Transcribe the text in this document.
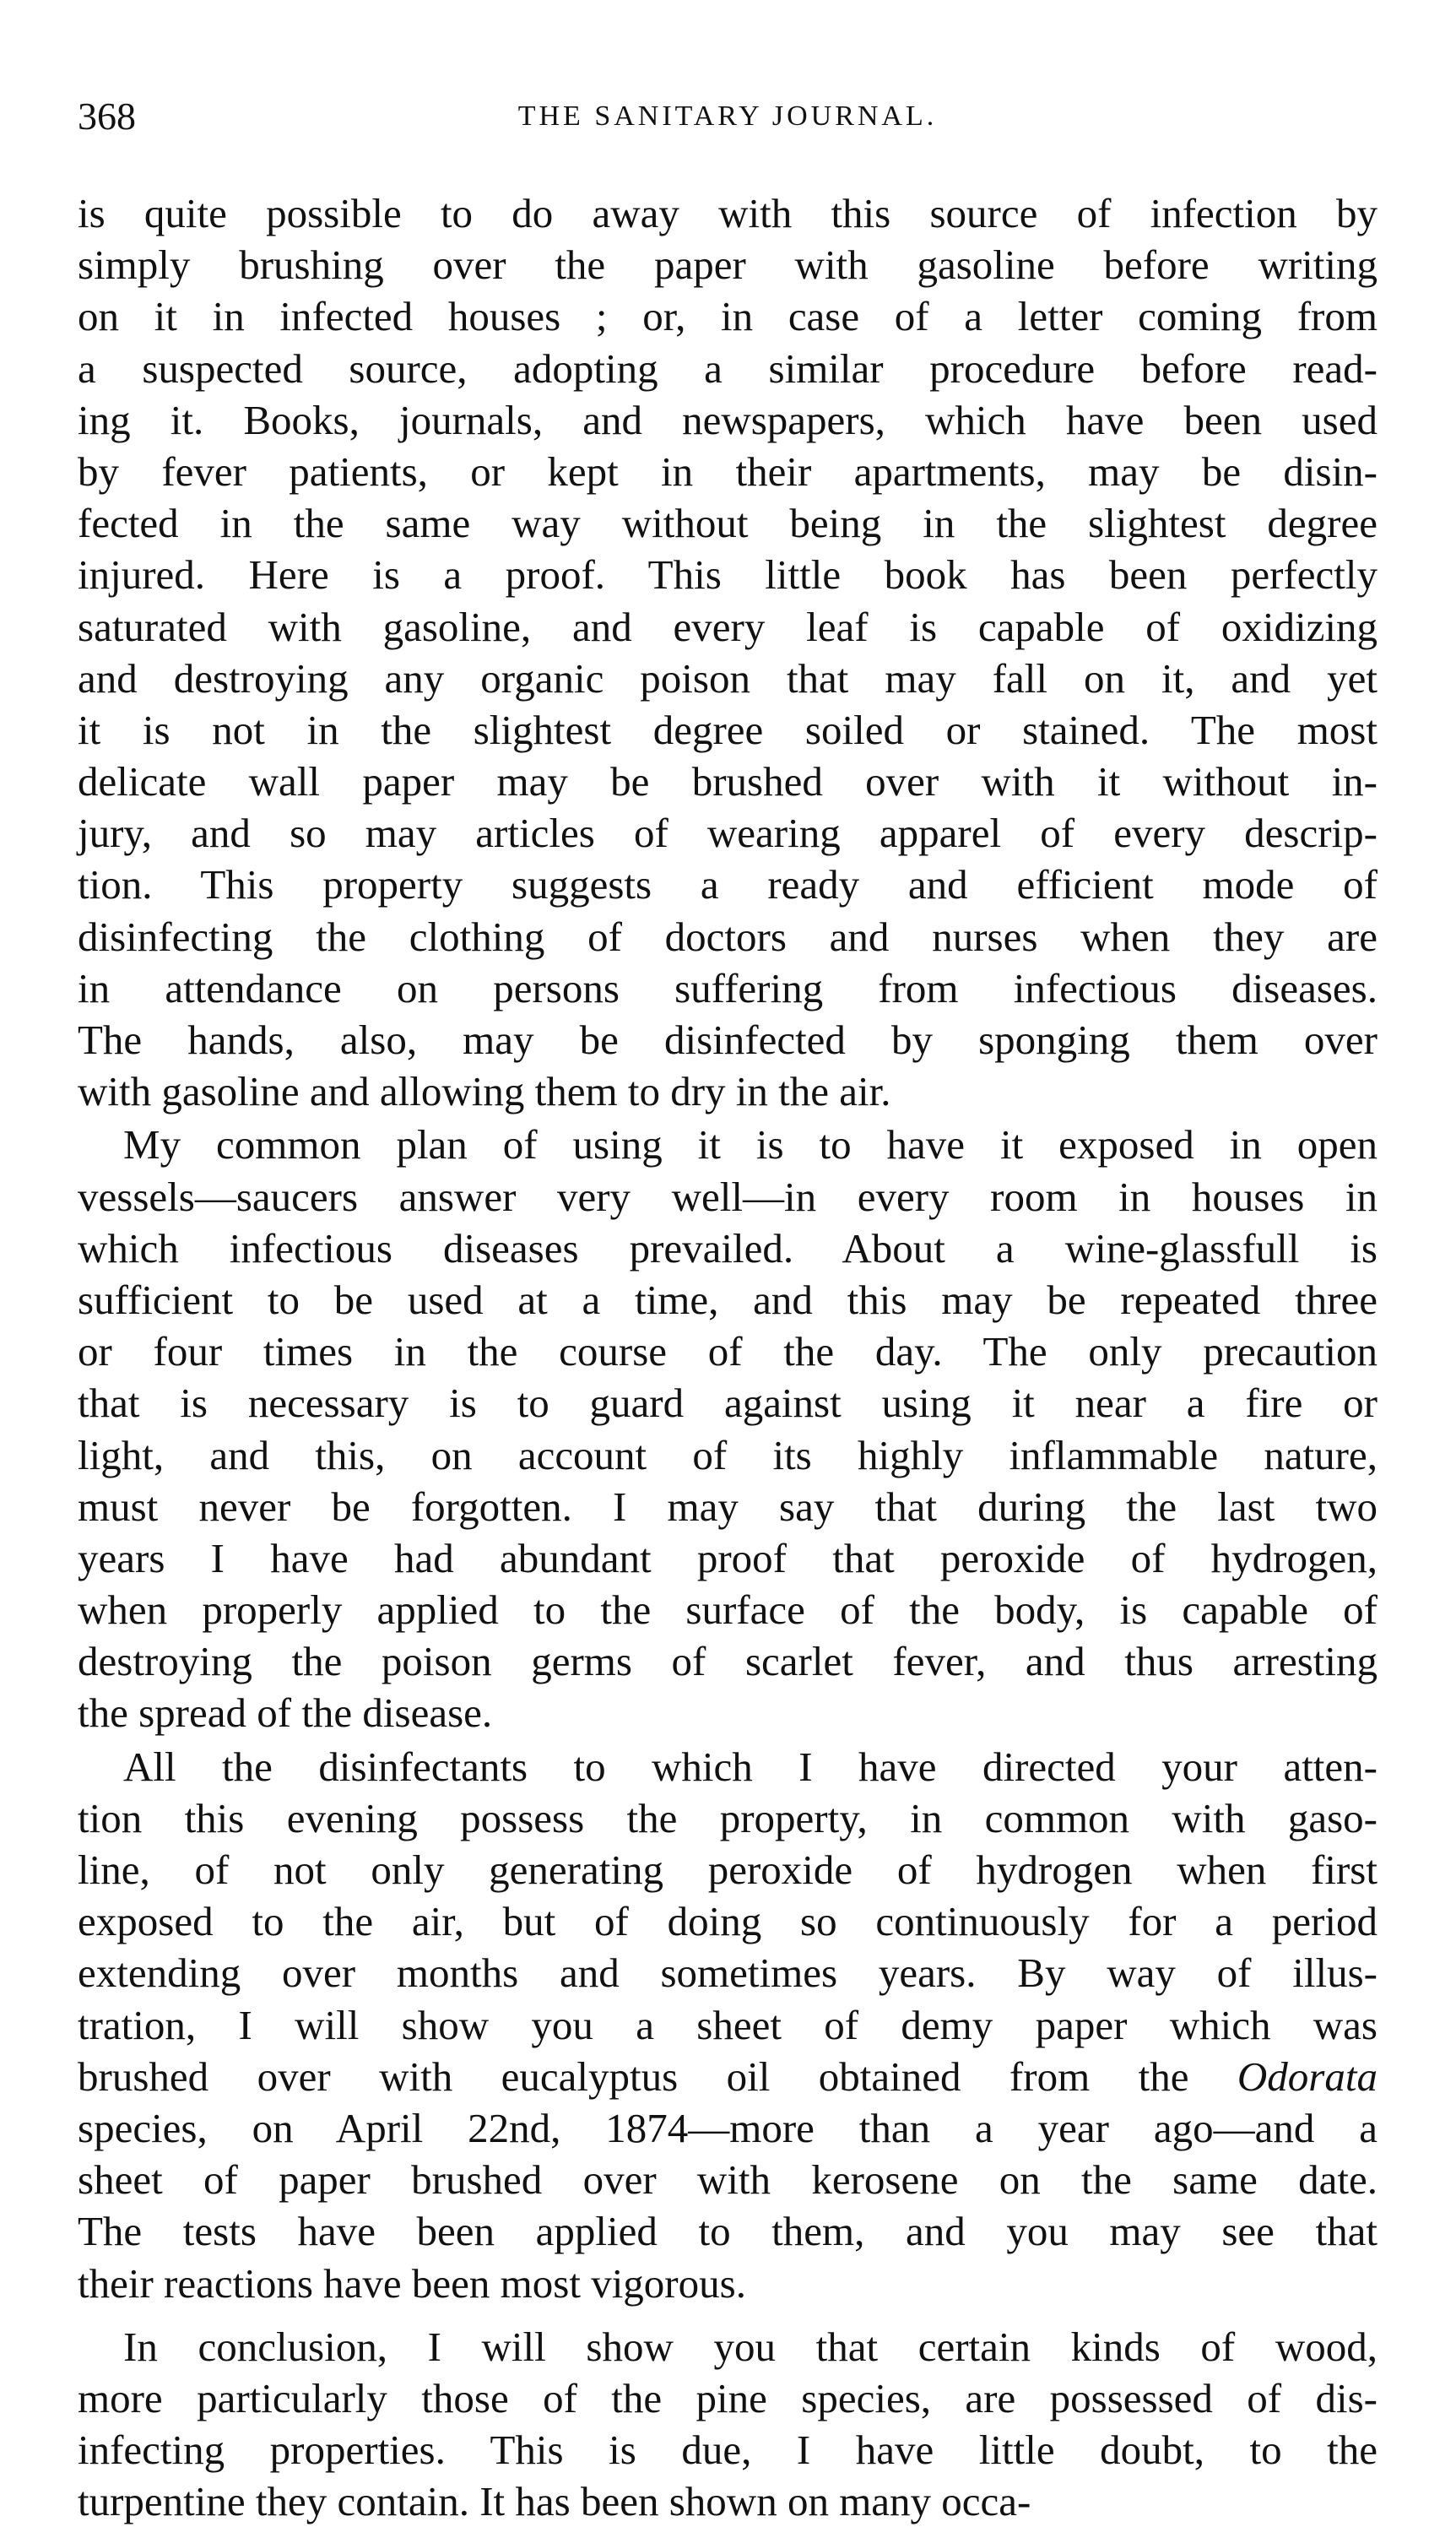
368	THE SANITARY JOURNAL.
is quite possible to do away with this source of infection by
simply brushing over the paper with gasoline before writing
on it in infected houses ; or, in case of a letter coming from
a suspected source, adopting a similar procedure before read-
ing it. Books, journals, and newspapers, which have been used
by fever patients, or kept in their apartments, may be disin-
fected in the same way without being in the slightest degree
injured. Here is a proof. This little book has been perfectly
saturated with gasoline, and every leaf is capable of oxidizing
and destroying any organic poison that may fall on it, and yet
it is not in the slightest degree soiled or stained. The most
delicate wall paper may be brushed over with it without in-
jury, and so may articles of wearing apparel of every descrip-
tion. This property suggests a ready and efficient mode of
disinfecting the clothing of doctors and nurses when they are
in attendance on persons suffering from infectious diseases.
The hands, also, may be disinfected by sponging them over
with gasoline and allowing them to dry in the air.
My common plan of using it is to have it exposed in open
vessels—saucers answer very well—in every room in houses in
which infectious diseases prevailed. About a wine-glassfull is
sufficient to be used at a time, and this may be repeated three
or four times in the course of the day. The only precaution
that is necessary is to guard against using it near a fire or
light, and this, on account of its highly inflammable nature,
must never be forgotten. I may say that during the last two
years I have had abundant proof that peroxide of hydrogen,
when properly applied to the surface of the body, is capable of
destroying the poison germs of scarlet fever, and thus arresting
the spread of the disease.
All the disinfectants to which I have directed your atten-
tion this evening possess the property, in common with gaso-
line, of not only generating peroxide of hydrogen when first
exposed to the air, but of doing so continuously for a period
extending over months and sometimes years. By way of illus-
tration, I will show you a sheet of demy paper which was
brushed over with eucalyptus oil obtained from the Odorata
species, on April 22nd, 1874—more than a year ago—and a
sheet of paper brushed over with kerosene on the same date.
The tests have been applied to them, and you may see that
their reactions have been most vigorous.
In conclusion, I will show you that certain kinds of wood,
more particularly those of the pine species, are possessed of dis-
infecting properties. This is due, I have little doubt, to the
turpentine they contain. It has been shown on many occa-
